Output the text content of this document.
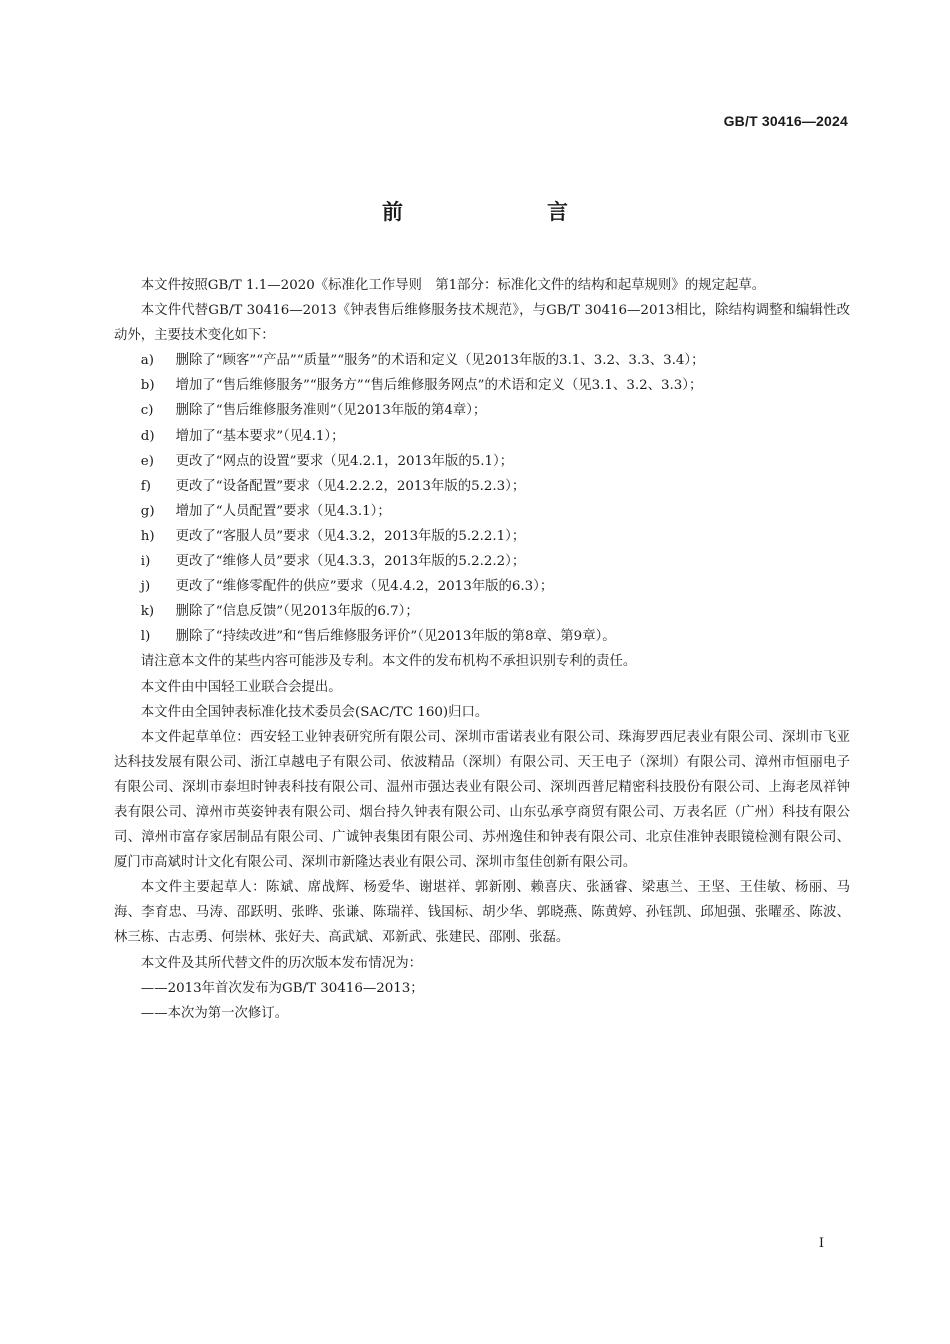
GB/T 30416—2024
前　　言

本文件按照GB/T 1.1—2020《标准化工作导则　第1部分：标准化文件的结构和起草规则》的规定起草。

本文件代替GB/T 30416—2013《钟表售后维修服务技术规范》，与GB/T 30416—2013相比，除结构调整和编辑性改动外，主要技术变化如下：

a)	删除了“顾客”“产品”“质量”“服务”的术语和定义（见2013年版的3.1、3.2、3.3、3.4）；
b)	增加了“售后维修服务”“服务方”“售后维修服务网点”的术语和定义（见3.1、3.2、3.3）；
c)	删除了“售后维修服务准则”（见2013年版的第4章）；
d)	增加了“基本要求”（见4.1）；
e)	更改了“网点的设置”要求（见4.2.1，2013年版的5.1）；
f)	更改了“设备配置”要求（见4.2.2.2，2013年版的5.2.3）；
g)	增加了“人员配置”要求（见4.3.1）；
h)	更改了“客服人员”要求（见4.3.2，2013年版的5.2.2.1）；
i)	更改了“维修人员”要求（见4.3.3，2013年版的5.2.2.2）；
j)	更改了“维修零配件的供应”要求（见4.4.2，2013年版的6.3）；
k)	删除了“信息反馈”（见2013年版的6.7）；
l)	删除了“持续改进”和“售后维修服务评价”（见2013年版的第8章、第9章）。

请注意本文件的某些内容可能涉及专利。本文件的发布机构不承担识别专利的责任。

本文件由中国轻工业联合会提出。

本文件由全国钟表标准化技术委员会(SAC/TC 160)归口。

本文件起草单位：西安轻工业钟表研究所有限公司、深圳市雷诺表业有限公司、珠海罗西尼表业有限公司、深圳市飞亚达科技发展有限公司、浙江卓越电子有限公司、依波精品（深圳）有限公司、天王电子（深圳）有限公司、漳州市恒丽电子有限公司、深圳市泰坦时钟表科技有限公司、温州市强达表业有限公司、深圳西普尼精密科技股份有限公司、上海老凤祥钟表有限公司、漳州市英姿钟表有限公司、烟台持久钟表有限公司、山东弘承亨商贸有限公司、万表名匠（广州）科技有限公司、漳州市富存家居制品有限公司、广诚钟表集团有限公司、苏州逸佳和钟表有限公司、北京佳准钟表眼镜检测有限公司、厦门市高斌时计文化有限公司、深圳市新隆达表业有限公司、深圳市玺佳创新有限公司。

本文件主要起草人：陈斌、席战辉、杨爱华、谢堪祥、郭新刚、赖喜庆、张涵睿、梁惠兰、王坚、王佳敏、杨丽、马海、李育忠、马涛、邵跃明、张晔、张谦、陈瑞祥、钱国标、胡少华、郭晓燕、陈黄婷、孙钰凯、邱旭强、张曜丞、陈波、林三栋、古志勇、何崇林、张好夫、高武斌、邓新武、张建民、邵刚、张磊。

本文件及其所代替文件的历次版本发布情况为：

——2013年首次发布为GB/T 30416—2013；

——本次为第一次修订。

I
